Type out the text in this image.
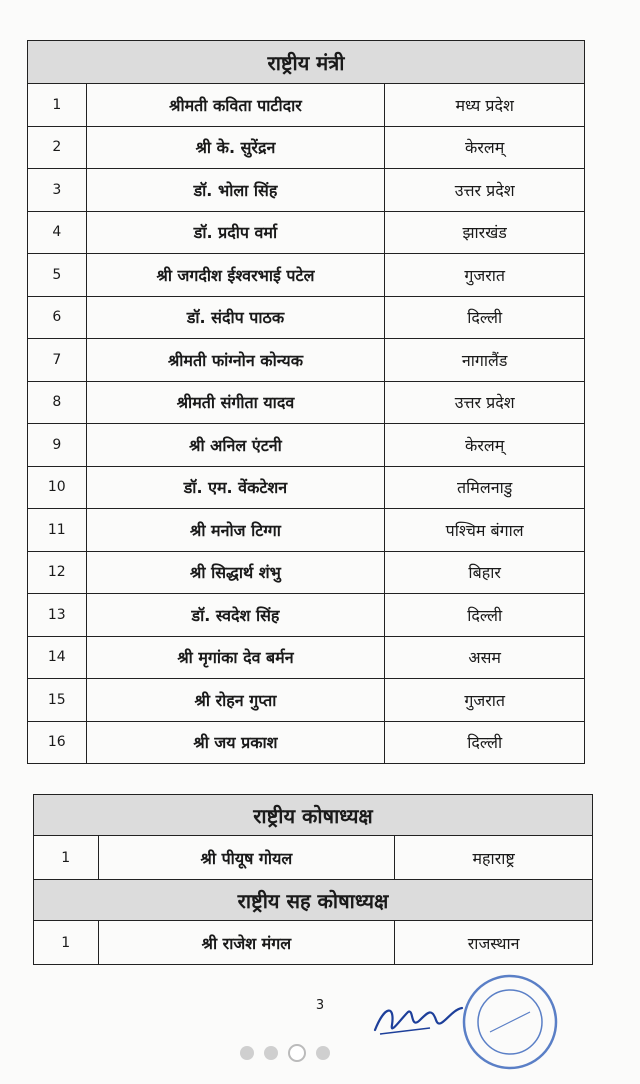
राष्ट्रीय मंत्री		
1	श्रीमती कविता पाटीदार	मध्य प्रदेश
2	श्री के. सुरेंद्रन	केरलम्
3	डॉ. भोला सिंह	उत्तर प्रदेश
4	डॉ. प्रदीप वर्मा	झारखंड
5	श्री जगदीश ईश्वरभाई पटेल	गुजरात
6	डॉ. संदीप पाठक	दिल्ली
7	श्रीमती फांग्नोन कोन्यक	नागालैंड
8	श्रीमती संगीता यादव	उत्तर प्रदेश
9	श्री अनिल एंटनी	केरलम्
10	डॉ. एम. वेंकटेशन	तमिलनाडु
11	श्री मनोज टिग्गा	पश्चिम बंगाल
12	श्री सिद्धार्थ शंभु	बिहार
13	डॉ. स्वदेश सिंह	दिल्ली
14	श्री मृगांका देव बर्मन	असम
15	श्री रोहन गुप्ता	गुजरात
16	श्री जय प्रकाश	दिल्ली
राष्ट्रीय कोषाध्यक्ष		
1	श्री पीयूष गोयल	महाराष्ट्र
राष्ट्रीय सह कोषाध्यक्ष		
1	श्री राजेश मंगल	राजस्थान
3
